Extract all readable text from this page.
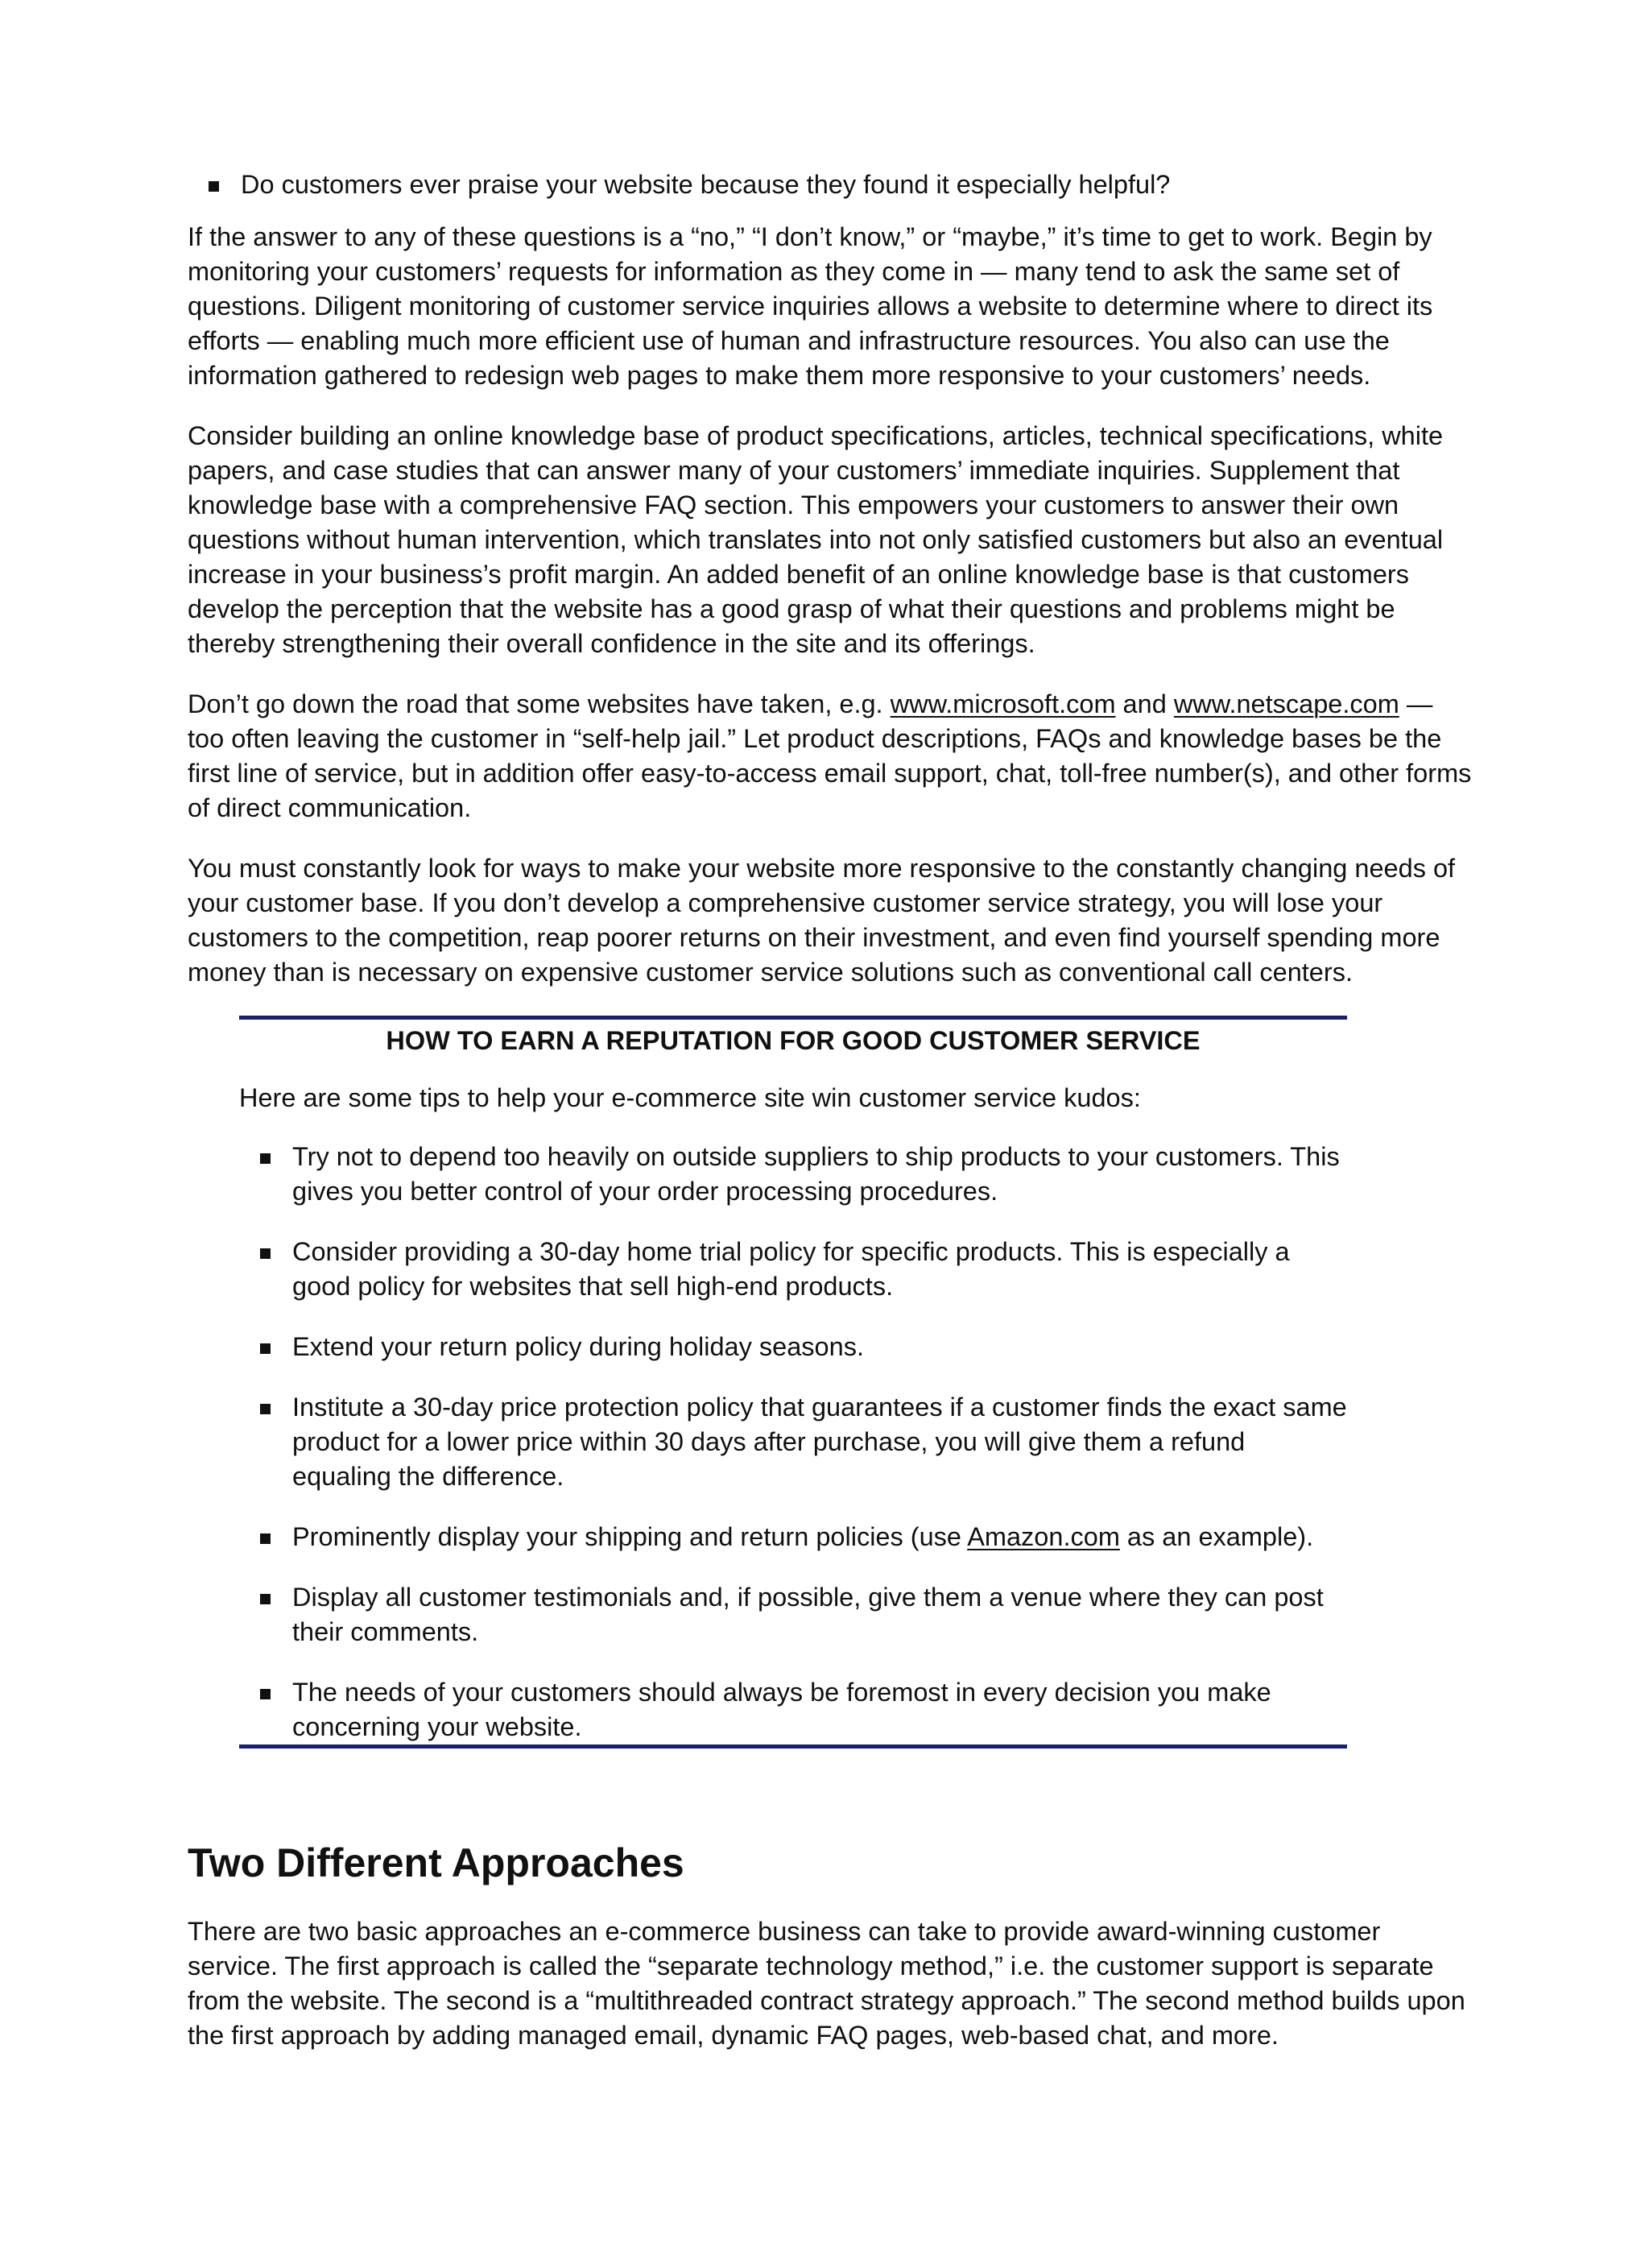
Do customers ever praise your website because they found it especially helpful?

If the answer to any of these questions is a “no,” “I don’t know,” or “maybe,” it’s time to get to work. Begin by monitoring your customers’ requests for information as they come in — many tend to ask the same set of questions. Diligent monitoring of customer service inquiries allows a website to determine where to direct its efforts — enabling much more efficient use of human and infrastructure resources. You also can use the information gathered to redesign web pages to make them more responsive to your customers’ needs.

Consider building an online knowledge base of product specifications, articles, technical specifications, white papers, and case studies that can answer many of your customers’ immediate inquiries. Supplement that knowledge base with a comprehensive FAQ section. This empowers your customers to answer their own questions without human intervention, which translates into not only satisfied customers but also an eventual increase in your business’s profit margin. An added benefit of an online knowledge base is that customers develop the perception that the website has a good grasp of what their questions and problems might be thereby strengthening their overall confidence in the site and its offerings.

Don’t go down the road that some websites have taken, e.g. www.microsoft.com and www.netscape.com — too often leaving the customer in “self-help jail.” Let product descriptions, FAQs and knowledge bases be the first line of service, but in addition offer easy-to-access email support, chat, toll-free number(s), and other forms of direct communication.

You must constantly look for ways to make your website more responsive to the constantly changing needs of your customer base. If you don’t develop a comprehensive customer service strategy, you will lose your customers to the competition, reap poorer returns on their investment, and even find yourself spending more money than is necessary on expensive customer service solutions such as conventional call centers.

HOW TO EARN A REPUTATION FOR GOOD CUSTOMER SERVICE

Here are some tips to help your e-commerce site win customer service kudos:

Try not to depend too heavily on outside suppliers to ship products to your customers. This gives you better control of your order processing procedures.
Consider providing a 30-day home trial policy for specific products. This is especially a good policy for websites that sell high-end products.
Extend your return policy during holiday seasons.
Institute a 30-day price protection policy that guarantees if a customer finds the exact same product for a lower price within 30 days after purchase, you will give them a refund equaling the difference.
Prominently display your shipping and return policies (use Amazon.com as an example).
Display all customer testimonials and, if possible, give them a venue where they can post their comments.
The needs of your customers should always be foremost in every decision you make concerning your website.
Two Different Approaches

There are two basic approaches an e-commerce business can take to provide award-winning customer service. The first approach is called the “separate technology method,” i.e. the customer support is separate from the website. The second is a “multithreaded contract strategy approach.” The second method builds upon the first approach by adding managed email, dynamic FAQ pages, web-based chat, and more.
